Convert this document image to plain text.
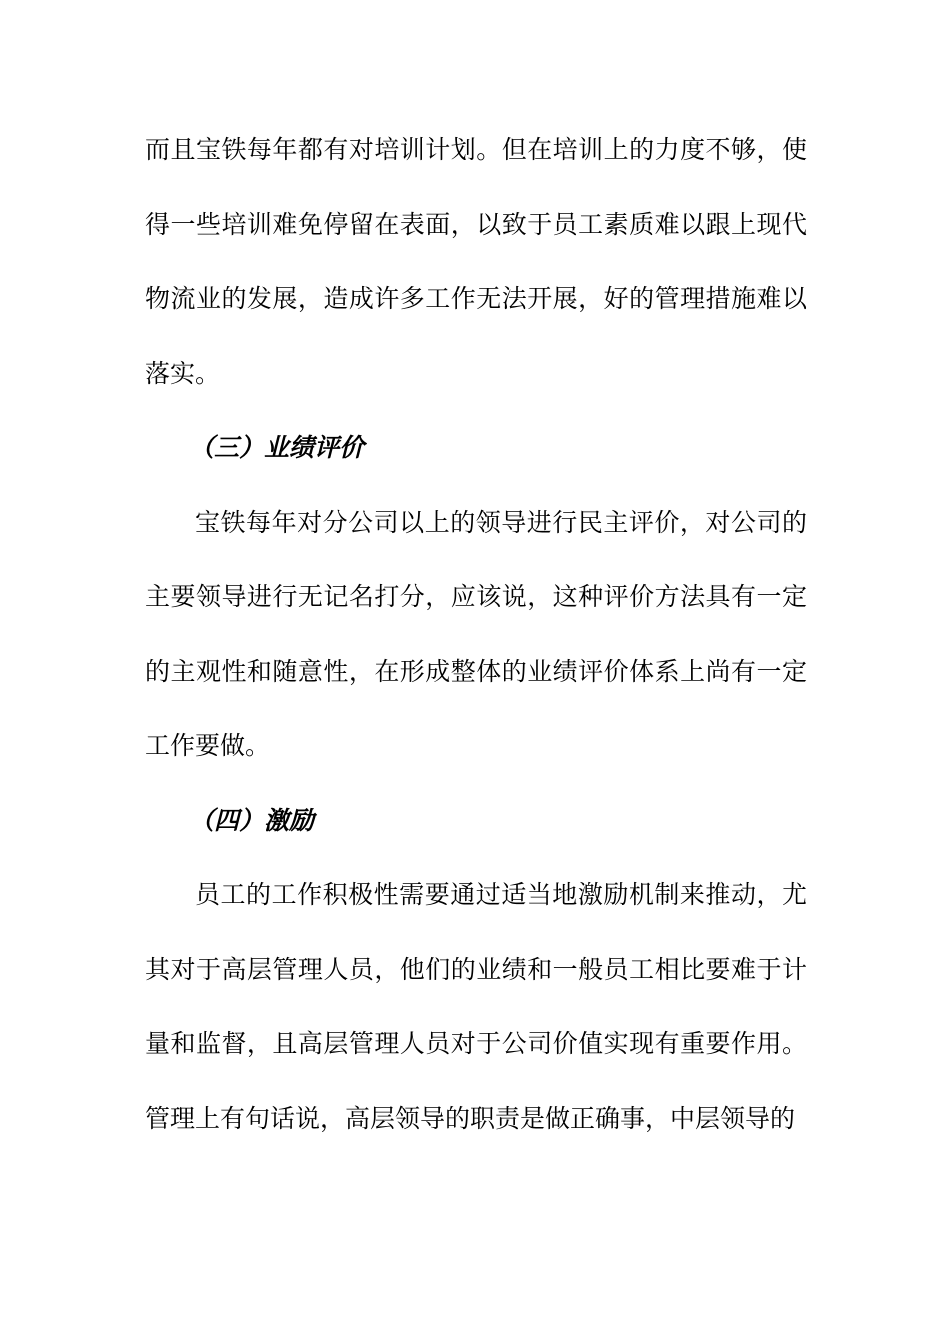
而且宝铁每年都有对培训计划。但在培训上的力度不够，使得一些培训难免停留在表面，以致于员工素质难以跟上现代物流业的发展，造成许多工作无法开展，好的管理措施难以落实。

（三）业绩评价

宝铁每年对分公司以上的领导进行民主评价，对公司的主要领导进行无记名打分，应该说，这种评价方法具有一定的主观性和随意性，在形成整体的业绩评价体系上尚有一定工作要做。

（四）激励

员工的工作积极性需要通过适当地激励机制来推动，尤其对于高层管理人员，他们的业绩和一般员工相比要难于计量和监督，且高层管理人员对于公司价值实现有重要作用。管理上有句话说，高层领导的职责是做正确事，中层领导的
